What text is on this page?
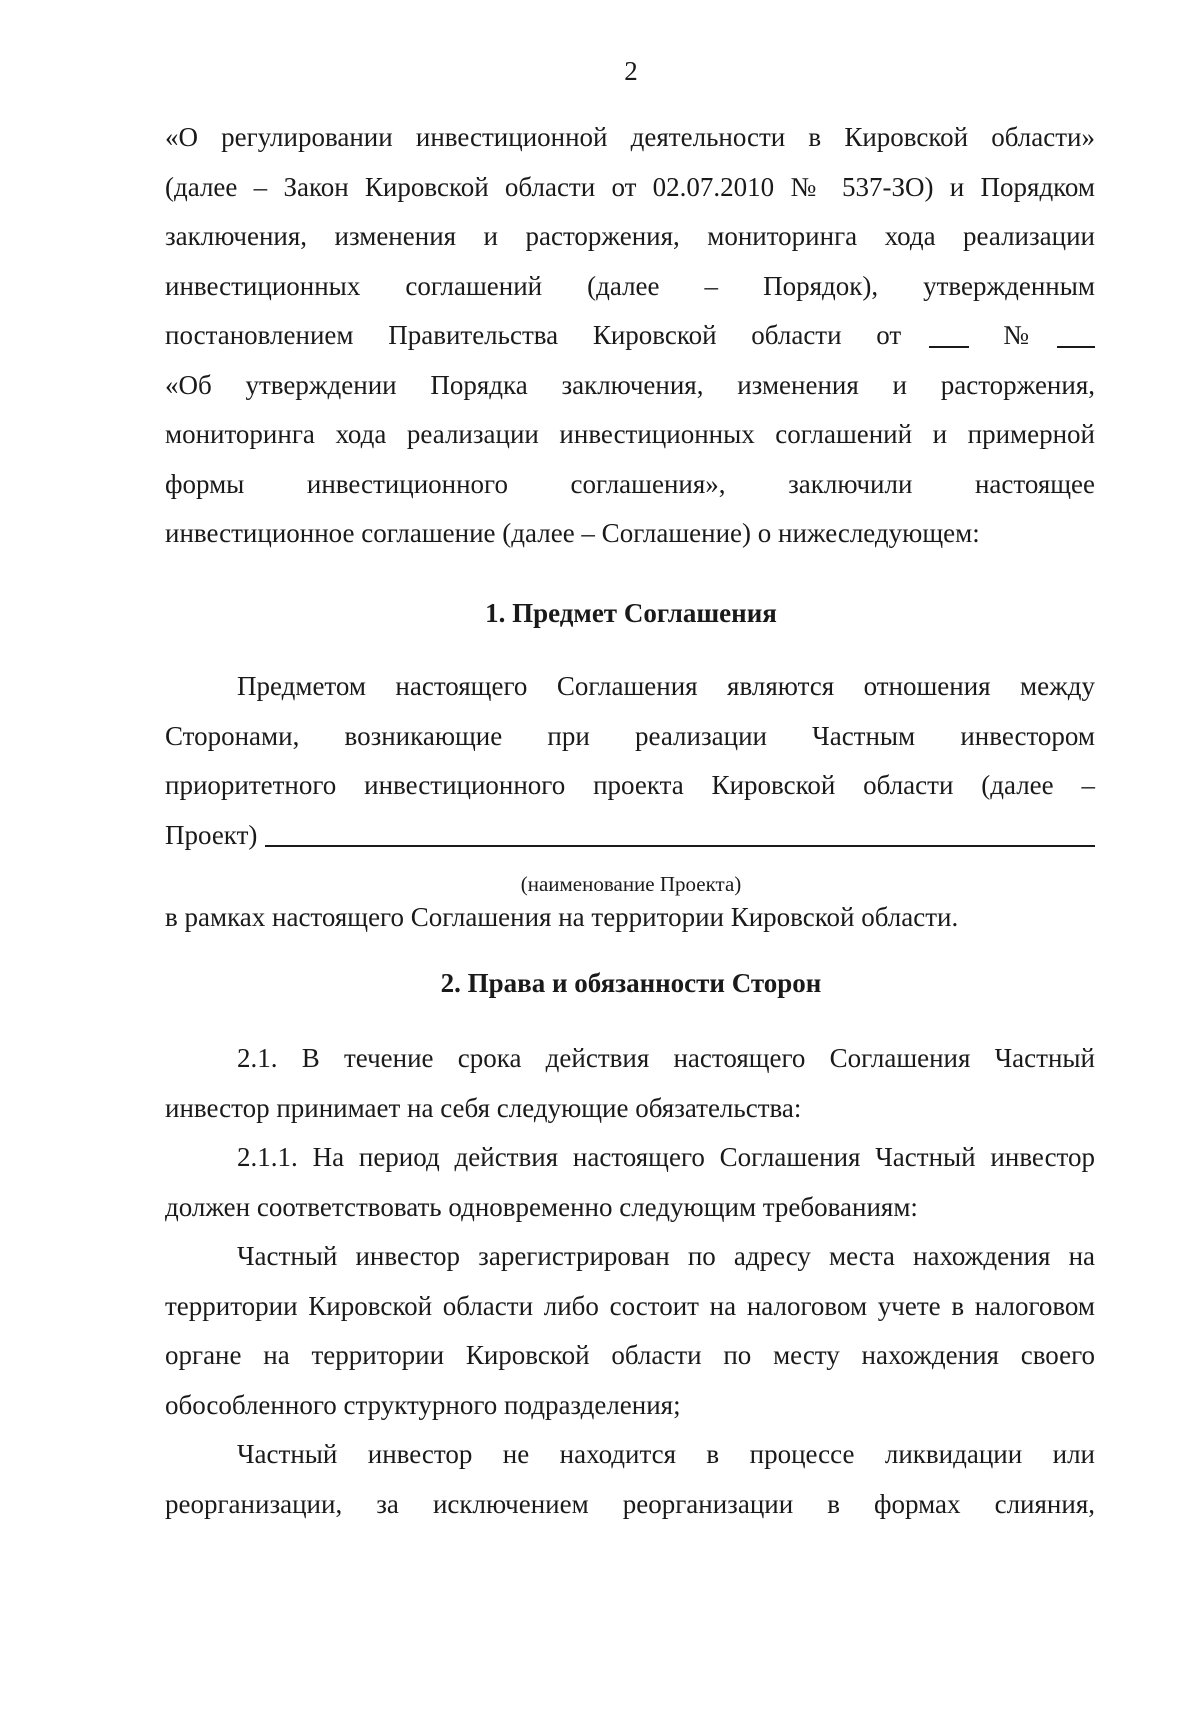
2
«О регулировании инвестиционной деятельности в Кировской области»
(далее – Закон Кировской области от 02.07.2010 № 537-ЗО) и Порядком
заключения, изменения и расторжения, мониторинга хода реализации
инвестиционных соглашений (далее – Порядок), утвержденным
постановлением Правительства Кировской области от	№
«Об утверждении Порядка заключения, изменения и расторжения,
мониторинга хода реализации инвестиционных соглашений и примерной
формы инвестиционного соглашения», заключили настоящее
инвестиционное соглашение (далее – Соглашение) о нижеследующем:
1. Предмет Соглашения
Предметом настоящего Соглашения являются отношения между
Сторонами, возникающие при реализации Частным инвестором
приоритетного инвестиционного проекта Кировской области (далее –
Проект)
(наименование Проекта)
в рамках настоящего Соглашения на территории Кировской области.
2. Права и обязанности Сторон
2.1. В течение срока действия настоящего Соглашения Частный
инвестор принимает на себя следующие обязательства:
2.1.1. На период действия настоящего Соглашения Частный инвестор
должен соответствовать одновременно следующим требованиям:
Частный инвестор зарегистрирован по адресу места нахождения на
территории Кировской области либо состоит на налоговом учете в налоговом
органе на территории Кировской области по месту нахождения своего
обособленного структурного подразделения;
Частный инвестор не находится в процессе ликвидации или
реорганизации, за исключением реорганизации в формах слияния,
